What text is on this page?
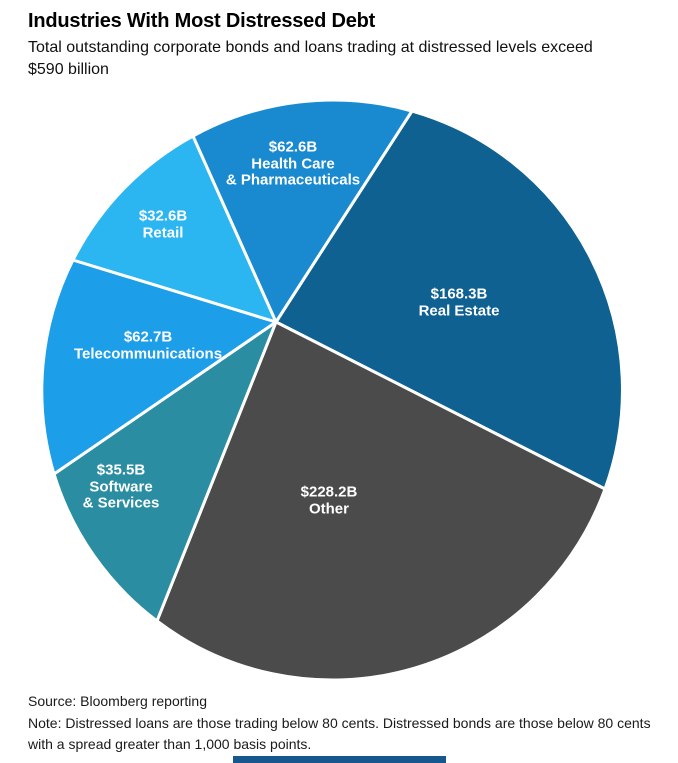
Industries With Most Distressed Debt
Total outstanding corporate bonds and loans trading at distressed levels exceed $590 billion
$168.3B
Real Estate
$228.2B
Other
$35.5B
Software
& Services
$62.7B
Telecommunications
$32.6B
Retail
$62.6B
Health Care
& Pharmaceuticals
Source: Bloomberg reporting
Note: Distressed loans are those trading below 80 cents. Distressed bonds are those below 80 cents with a spread greater than 1,000 basis points.
